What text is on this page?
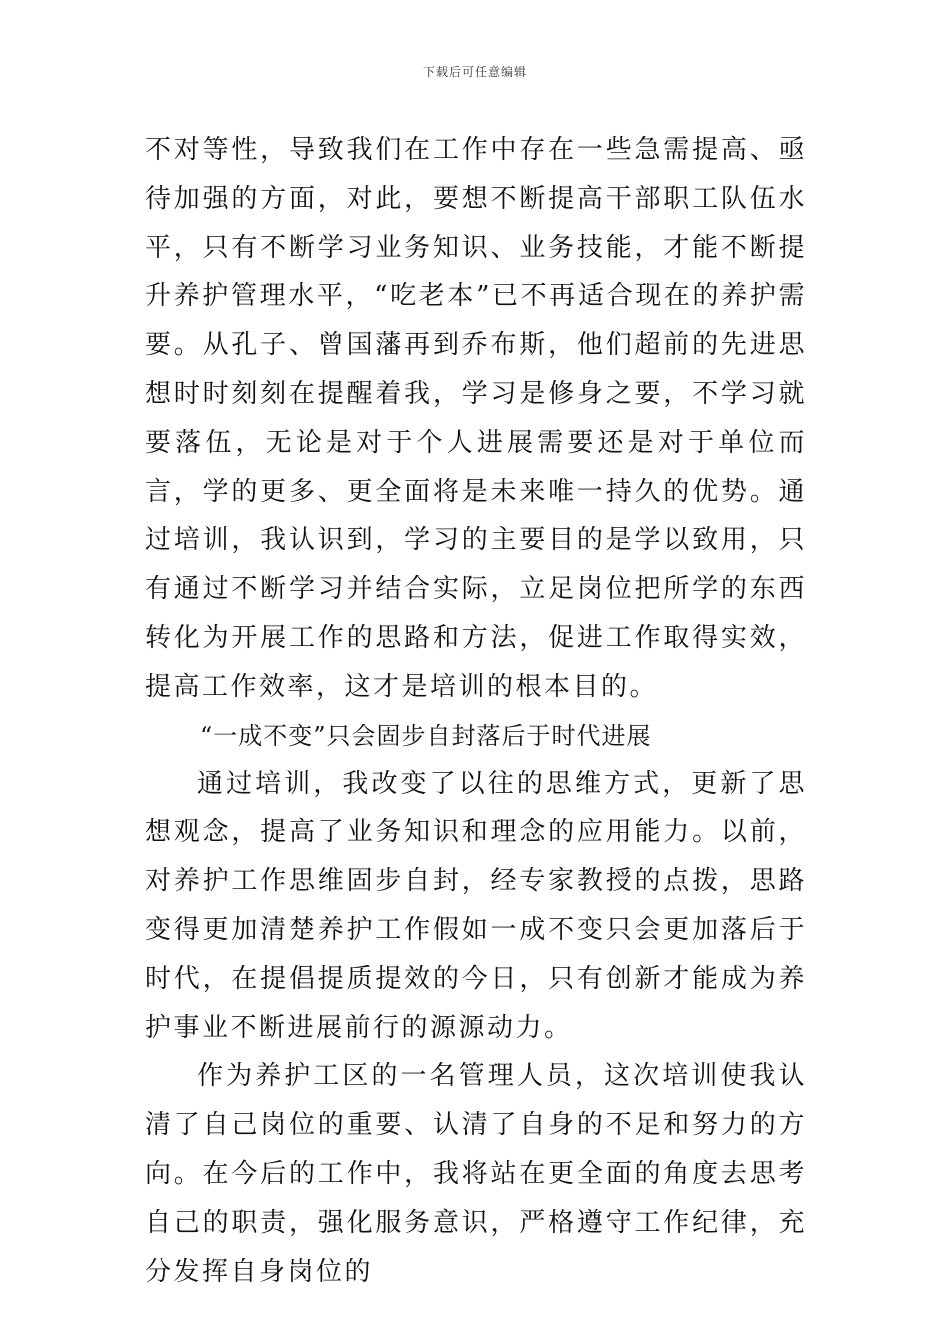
下载后可任意编辑

不对等性，导致我们在工作中存在一些急需提高、亟待加强的方面，对此，要想不断提高干部职工队伍水平，只有不断学习业务知识、业务技能，才能不断提升养护管理水平，“吃老本”已不再适合现在的养护需要。从孔子、曾国藩再到乔布斯，他们超前的先进思想时时刻刻在提醒着我，学习是修身之要，不学习就要落伍，无论是对于个人进展需要还是对于单位而言，学的更多、更全面将是未来唯一持久的优势。通过培训，我认识到，学习的主要目的是学以致用，只有通过不断学习并结合实际，立足岗位把所学的东西转化为开展工作的思路和方法，促进工作取得实效，提高工作效率，这才是培训的根本目的。

“一成不变”只会固步自封落后于时代进展

通过培训，我改变了以往的思维方式，更新了思想观念，提高了业务知识和理念的应用能力。以前，对养护工作思维固步自封，经专家教授的点拨，思路变得更加清楚养护工作假如一成不变只会更加落后于时代，在提倡提质提效的今日，只有创新才能成为养护事业不断进展前行的源源动力。

作为养护工区的一名管理人员，这次培训使我认清了自己岗位的重要、认清了自身的不足和努力的方向。在今后的工作中，我将站在更全面的角度去思考自己的职责，强化服务意识，严格遵守工作纪律，充分发挥自身岗位的
